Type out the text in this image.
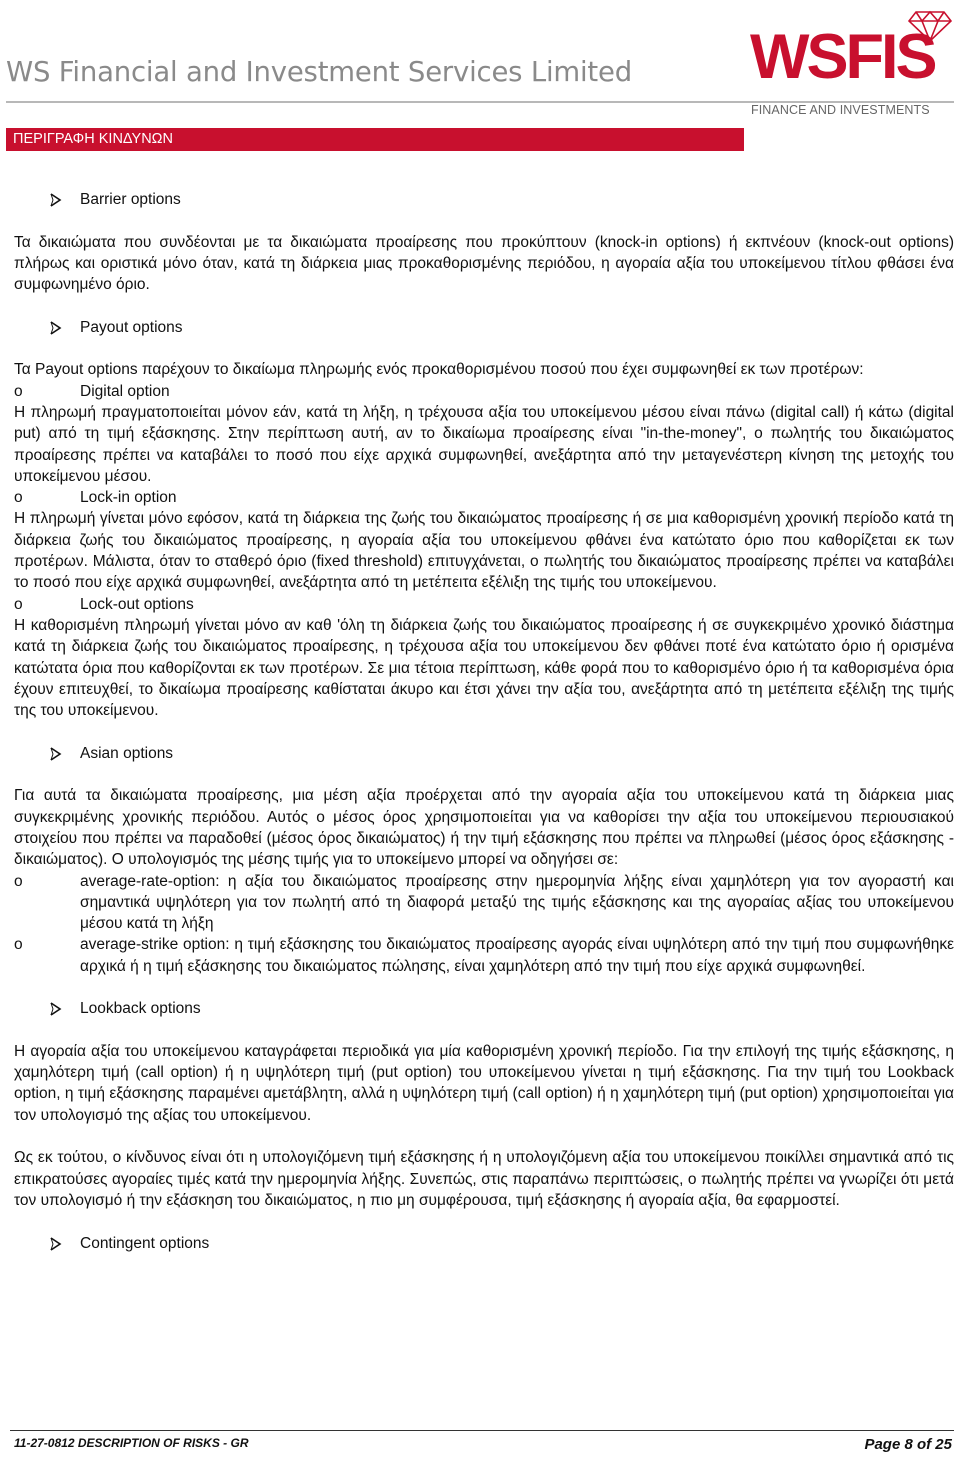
WS Financial and Investment Services Limited WSFIS
FINANCE AND INVESTMENTS
ΠΕΡΙΓΡΑΦΗ ΚΙΝΔΥΝΩΝ
Barrier options

Τα δικαιώματα που συνδέονται με τα δικαιώματα προαίρεσης που προκύπτουν (knock-in options) ή εκπνέουν (knock-out options) πλήρως και οριστικά μόνο όταν, κατά τη διάρκεια μιας προκαθορισμένης περιόδου, η αγοραία αξία του υποκείμενου τίτλου φθάσει ένα συμφωνημένο όριο.

Payout options

Τα Payout options παρέχουν το δικαίωμα πληρωμής ενός προκαθορισμένου ποσού που έχει συμφωνηθεί εκ των προτέρων:

o	Digital option

Η πληρωμή πραγματοποιείται μόνον εάν, κατά τη λήξη, η τρέχουσα αξία του υποκείμενου μέσου είναι πάνω (digital call) ή κάτω (digital put) από τη τιμή εξάσκησης. Στην περίπτωση αυτή, αν το δικαίωμα προαίρεσης είναι "in-the-money", ο πωλητής του δικαιώματος προαίρεσης πρέπει να καταβάλει το ποσό που είχε αρχικά συμφωνηθεί, ανεξάρτητα από την μεταγενέστερη κίνηση της μετοχής του υποκείμενου μέσου.

o	Lock-in option

Η πληρωμή γίνεται μόνο εφόσον, κατά τη διάρκεια της ζωής του δικαιώματος προαίρεσης ή σε μια καθορισμένη χρονική περίοδο κατά τη διάρκεια ζωής του δικαιώματος προαίρεσης, η αγοραία αξία του υποκείμενου φθάνει ένα κατώτατο όριο που καθορίζεται εκ των προτέρων. Μάλιστα, όταν το σταθερό όριο (fixed threshold) επιτυγχάνεται, ο πωλητής του δικαιώματος προαίρεσης πρέπει να καταβάλει το ποσό που είχε αρχικά συμφωνηθεί, ανεξάρτητα από τη μετέπειτα εξέλιξη της τιμής του υποκείμενου.

o	Lock-out options

Η καθορισμένη πληρωμή γίνεται μόνο αν καθ 'όλη τη διάρκεια ζωής του δικαιώματος προαίρεσης ή σε συγκεκριμένο χρονικό διάστημα κατά τη διάρκεια ζωής του δικαιώματος προαίρεσης, η τρέχουσα αξία του υποκείμενου δεν φθάνει ποτέ ένα κατώτατο όριο ή ορισμένα κατώτατα όρια που καθορίζονται εκ των προτέρων. Σε μια τέτοια περίπτωση, κάθε φορά που το καθορισμένο όριο ή τα καθορισμένα όρια έχουν επιτευχθεί, το δικαίωμα προαίρεσης καθίσταται άκυρο και έτσι χάνει την αξία του, ανεξάρτητα από τη μετέπειτα εξέλιξη της τιμής της του υποκείμενου.

Asian options

Για αυτά τα δικαιώματα προαίρεσης, μια μέση αξία προέρχεται από την αγοραία αξία του υποκείμενου κατά τη διάρκεια μιας συγκεκριμένης χρονικής περιόδου. Αυτός ο μέσος όρος χρησιμοποιείται για να καθορίσει την αξία του υποκείμενου περιουσιακού στοιχείου που πρέπει να παραδοθεί (μέσος όρος δικαιώματος) ή την τιμή εξάσκησης που πρέπει να πληρωθεί (μέσος όρος εξάσκησης - δικαιώματος). Ο υπολογισμός της μέσης τιμής για το υποκείμενο μπορεί να οδηγήσει σε:

o	average-rate-option: η αξία του δικαιώματος προαίρεσης στην ημερομηνία λήξης είναι χαμηλότερη για τον αγοραστή και σημαντικά υψηλότερη για τον πωλητή από τη διαφορά μεταξύ της τιμής εξάσκησης και της αγοραίας αξίας του υποκείμενου μέσου κατά τη λήξη

o	average-strike option: η τιμή εξάσκησης του δικαιώματος προαίρεσης αγοράς είναι υψηλότερη από την τιμή που συμφωνήθηκε αρχικά ή η τιμή εξάσκησης του δικαιώματος πώλησης, είναι χαμηλότερη από την τιμή που είχε αρχικά συμφωνηθεί.

Lookback options

Η αγοραία αξία του υποκείμενου καταγράφεται περιοδικά για μία καθορισμένη χρονική περίοδο. Για την επιλογή της τιμής εξάσκησης, η χαμηλότερη τιμή (call option) ή η υψηλότερη τιμή (put option) του υποκείμενου γίνεται η τιμή εξάσκησης. Για την τιμή του Lookback option, η τιμή εξάσκησης παραμένει αμετάβλητη, αλλά η υψηλότερη τιμή (call option) ή η χαμηλότερη τιμή (put option) χρησιμοποιείται για τον υπολογισμό της αξίας του υποκείμενου.

Ως εκ τούτου, ο κίνδυνος είναι ότι η υπολογιζόμενη τιμή εξάσκησης ή η υπολογιζόμενη αξία του υποκείμενου ποικίλλει σημαντικά από τις επικρατούσες αγοραίες τιμές κατά την ημερομηνία λήξης. Συνεπώς, στις παραπάνω περιπτώσεις, ο πωλητής πρέπει να γνωρίζει ότι μετά τον υπολογισμό ή την εξάσκηση του δικαιώματος, η πιο μη συμφέρουσα, τιμή εξάσκησης ή αγοραία αξία, θα εφαρμοστεί.

Contingent options
11-27-0812 DESCRIPTION OF RISKS - GR	Page 8 of 25
